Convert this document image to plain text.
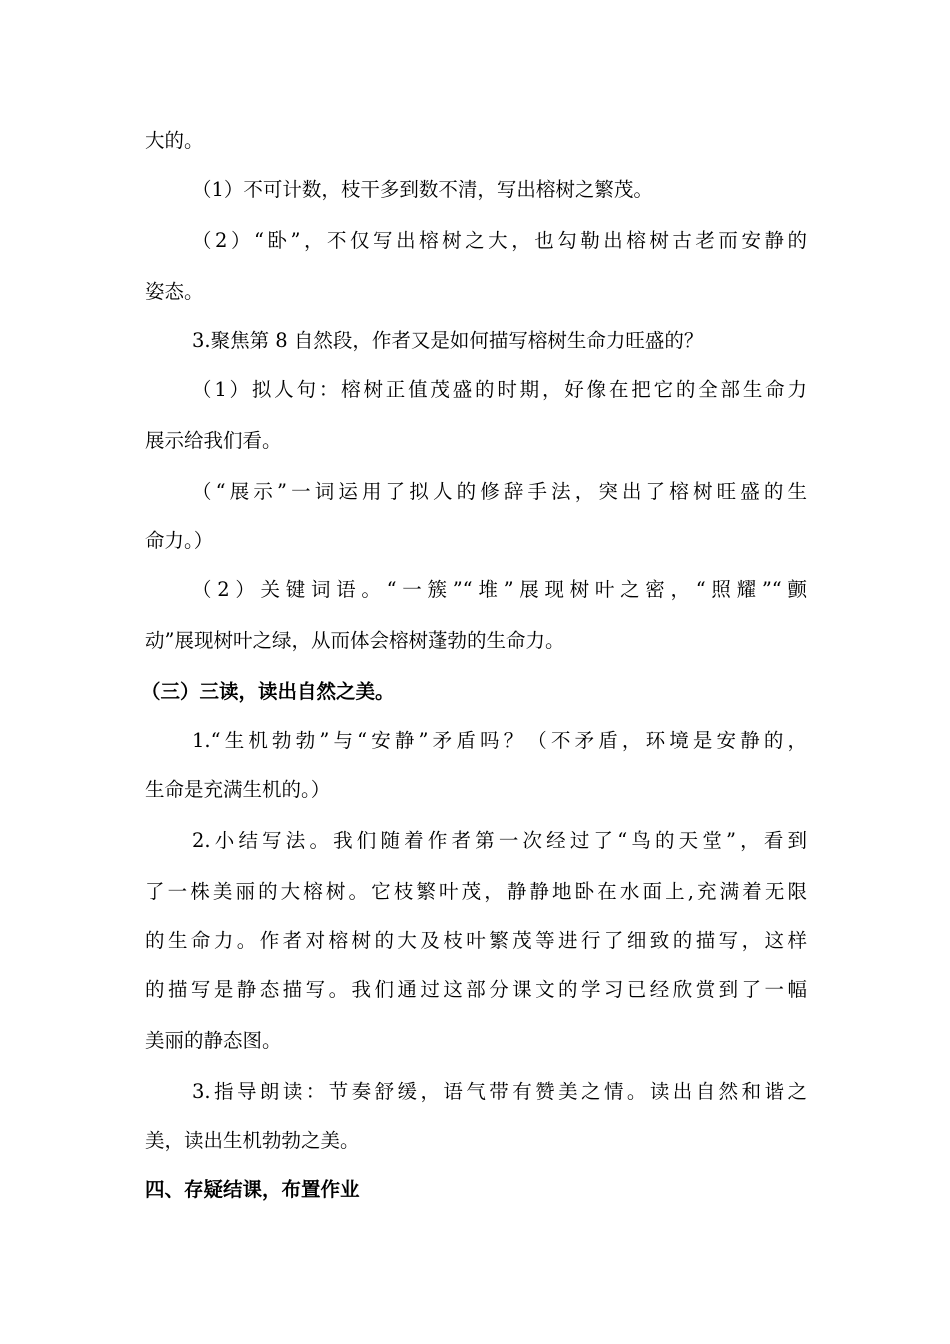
大的。
（1）不可计数，枝干多到数不清，写出榕树之繁茂。
（2）“卧”，不仅写出榕树之大，也勾勒出榕树古老而安静的
姿态。
3.聚焦第 8 自然段，作者又是如何描写榕树生命力旺盛的？
（1）拟人句：榕树正值茂盛的时期，好像在把它的全部生命力
展示给我们看。
（“展示”一词运用了拟人的修辞手法，突出了榕树旺盛的生
命力。）
（2）关键词语。“一簇”“堆”展现树叶之密，“照耀”“颤
动”展现树叶之绿，从而体会榕树蓬勃的生命力。
（三）三读，读出自然之美。
1.“生机勃勃”与“安静”矛盾吗？（不矛盾，环境是安静的，
生命是充满生机的。）
2.小结写法。我们随着作者第一次经过了“鸟的天堂”，看到
了一株美丽的大榕树。它枝繁叶茂，静静地卧在水面上,充满着无限
的生命力。作者对榕树的大及枝叶繁茂等进行了细致的描写，这样
的描写是静态描写。我们通过这部分课文的学习已经欣赏到了一幅
美丽的静态图。
3.指导朗读：节奏舒缓，语气带有赞美之情。读出自然和谐之
美，读出生机勃勃之美。
四、存疑结课，布置作业
